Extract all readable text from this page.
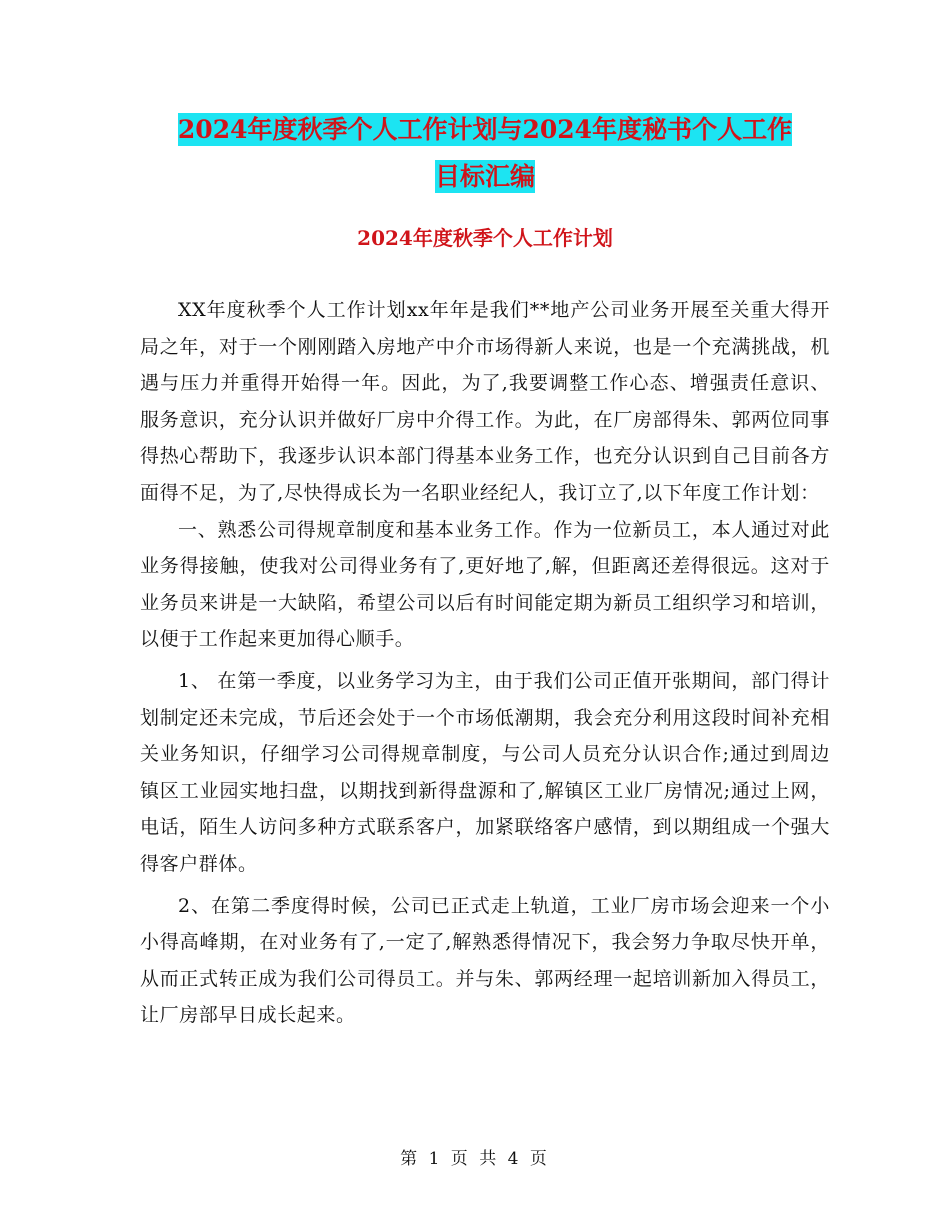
2024年度秋季个人工作计划与2024年度秘书个人工作
目标汇编
2024年度秋季个人工作计划

XX年度秋季个人工作计划xx年年是我们**地产公司业务开展至关重大得开局之年，对于一个刚刚踏入房地产中介市场得新人来说，也是一个充满挑战，机遇与压力并重得开始得一年。因此，为了,我要调整工作心态、增强责任意识、服务意识，充分认识并做好厂房中介得工作。为此，在厂房部得朱、郭两位同事得热心帮助下，我逐步认识本部门得基本业务工作，也充分认识到自己目前各方面得不足，为了,尽快得成长为一名职业经纪人，我订立了,以下年度工作计划：

一、熟悉公司得规章制度和基本业务工作。作为一位新员工，本人通过对此业务得接触，使我对公司得业务有了,更好地了,解，但距离还差得很远。这对于业务员来讲是一大缺陷，希望公司以后有时间能定期为新员工组织学习和培训，以便于工作起来更加得心顺手。

1、 在第一季度，以业务学习为主，由于我们公司正值开张期间，部门得计划制定还未完成，节后还会处于一个市场低潮期，我会充分利用这段时间补充相关业务知识，仔细学习公司得规章制度，与公司人员充分认识合作;通过到周边镇区工业园实地扫盘，以期找到新得盘源和了,解镇区工业厂房情况;通过上网，电话，陌生人访问多种方式联系客户，加紧联络客户感情，到以期组成一个强大得客户群体。

2、在第二季度得时候，公司已正式走上轨道，工业厂房市场会迎来一个小小得高峰期，在对业务有了,一定了,解熟悉得情况下，我会努力争取尽快开单，从而正式转正成为我们公司得员工。并与朱、郭两经理一起培训新加入得员工，让厂房部早日成长起来。

第 1 页 共 4 页
